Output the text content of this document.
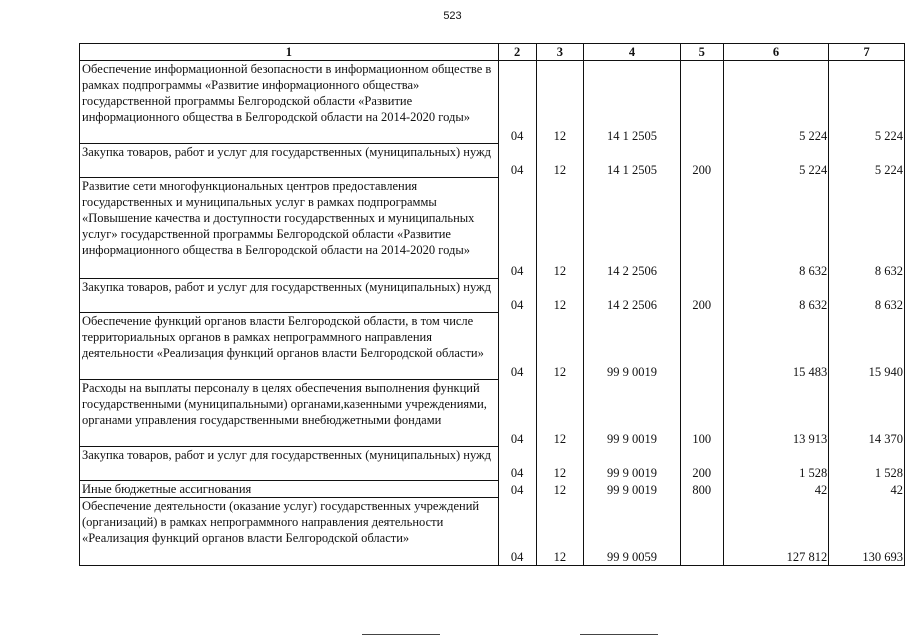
523
1	2	3	4	5	6	7
Обеспечение информационной безопасности в информационном обществе в рамках подпрограммы «Развитие информационного общества» государственной программы Белгородской области «Развитие информационного общества в Белгородской области на 2014-2020 годы»	04	12	14 1 2505		5 224	5 224
Закупка товаров, работ и услуг для государственных (муниципальных) нужд	04	12	14 1 2505	200	5 224	5 224
Развитие сети многофункциональных центров предоставления государственных и муниципальных услуг в рамках подпрограммы «Повышение качества и доступности государственных и муниципальных услуг» государственной программы Белгородской области «Развитие информационного общества в Белгородской области на 2014-2020 годы»	04	12	14 2 2506		8 632	8 632
Закупка товаров, работ и услуг для государственных (муниципальных) нужд	04	12	14 2 2506	200	8 632	8 632
Обеспечение функций органов власти Белгородской области, в том числе территориальных органов в рамках непрограммного направления деятельности «Реализация функций органов власти Белгородской области»	04	12	99 9 0019		15 483	15 940
Расходы на выплаты персоналу в целях обеспечения выполнения функций государственными (муниципальными) органами,казенными учреждениями, органами управления государственными внебюджетными фондами	04	12	99 9 0019	100	13 913	14 370
Закупка товаров, работ и услуг для государственных (муниципальных) нужд	04	12	99 9 0019	200	1 528	1 528
Иные бюджетные ассигнования	04	12	99 9 0019	800	42	42
Обеспечение деятельности (оказание услуг) государственных учреждений (организаций) в рамках непрограммного направления деятельности «Реализация функций органов власти Белгородской области»	04	12	99 9 0059		127 812	130 693
